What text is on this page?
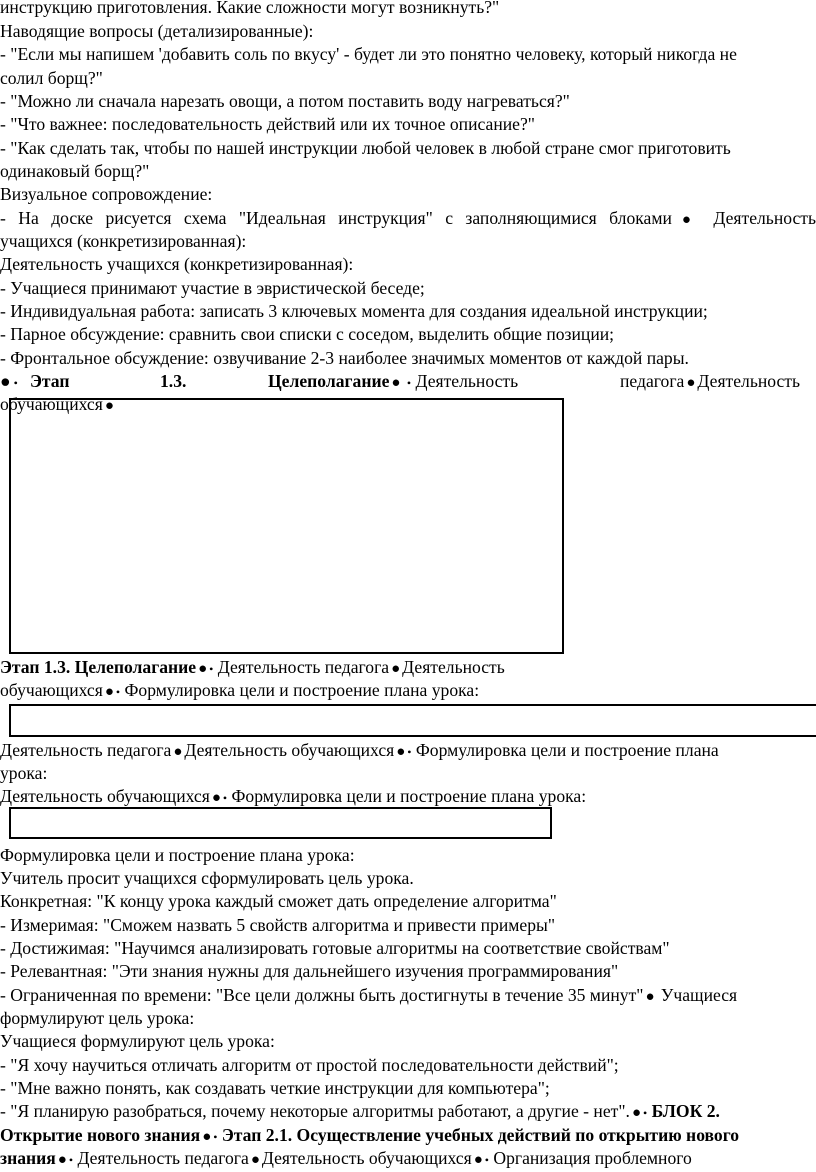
инструкцию приготовления. Какие сложности могут возникнуть?"
Наводящие вопросы (детализированные):
- "Если мы напишем 'добавить соль по вкусу' - будет ли это понятно человеку, который никогда не
солил борщ?"
- "Можно ли сначала нарезать овощи, а потом поставить воду нагреваться?"
- "Что важнее: последовательность действий или их точное описание?"
- "Как сделать так, чтобы по нашей инструкции любой человек в любой стране смог приготовить
одинаковый борщ?"
Визуальное сопровождение:
- На доске рисуется схема "Идеальная инструкция" с заполняющимися блоками ● Деятельность
учащихся (конкретизированная):
Деятельность учащихся (конкретизированная):
- Учащиеся принимают участие в эвристической беседе;
- Индивидуальная работа: записать 3 ключевых момента для создания идеальной инструкции;
- Парное обсуждение: сравнить свои списки с соседом, выделить общие позиции;
- Фронтальное обсуждение: озвучивание 2-3 наиболее значимых моментов от каждой пары.
● • Этап	1.3.	Целеполагание ● • Деятельность	педагога ● Деятельность
обучающихся ●
Этап 1.3. Целеполагание ● • Деятельность педагога ● Деятельность
обучающихся ● • Формулировка цели и построение плана урока:
Деятельность педагога ● Деятельность обучающихся ● • Формулировка цели и построение плана
урока:
Деятельность обучающихся ● • Формулировка цели и построение плана урока:
Формулировка цели и построение плана урока:
Учитель просит учащихся сформулировать цель урока.
Конкретная: "К концу урока каждый сможет дать определение алгоритма"
- Измеримая: "Сможем назвать 5 свойств алгоритма и привести примеры"
- Достижимая: "Научимся анализировать готовые алгоритмы на соответствие свойствам"
- Релевантная: "Эти знания нужны для дальнейшего изучения программирования"
- Ограниченная по времени: "Все цели должны быть достигнуты в течение 35 минут" ● Учащиеся
формулируют цель урока:
Учащиеся формулируют цель урока:
- "Я хочу научиться отличать алгоритм от простой последовательности действий";
- "Мне важно понять, как создавать четкие инструкции для компьютера";
- "Я планирую разобраться, почему некоторые алгоритмы работают, а другие - нет". ● • БЛОК 2.
Открытие нового знания ● • Этап 2.1. Осуществление учебных действий по открытию нового
знания ● • Деятельность педагога ● Деятельность обучающихся ● • Организация проблемного
